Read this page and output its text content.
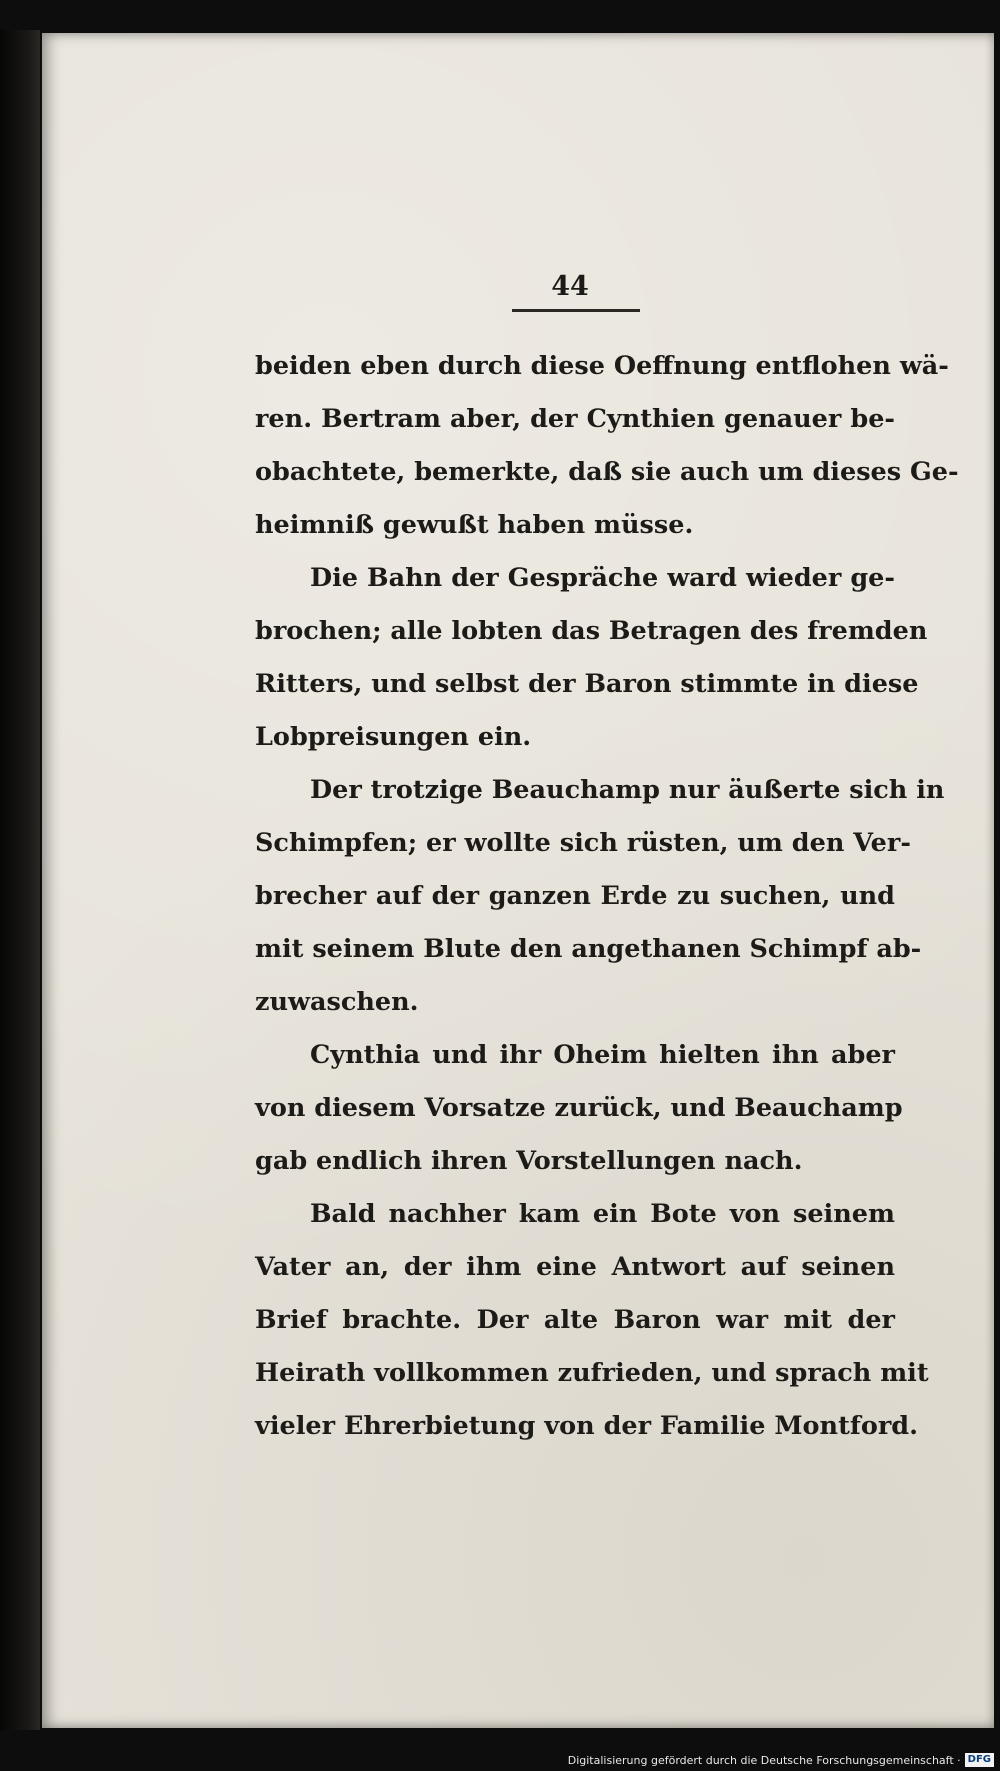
44
beiden eben durch diese Oeffnung entflohen wä-
ren. Bertram aber, der Cynthien genauer be-
obachtete, bemerkte, daß sie auch um dieses Ge-
heimniß gewußt haben müsse.
Die Bahn der Gespräche ward wieder ge-
brochen; alle lobten das Betragen des fremden
Ritters, und selbst der Baron stimmte in diese
Lobpreisungen ein.
Der trotzige Beauchamp nur äußerte sich in
Schimpfen; er wollte sich rüsten, um den Ver-
brecher auf der ganzen Erde zu suchen, und
mit seinem Blute den angethanen Schimpf ab-
zuwaschen.
Cynthia und ihr Oheim hielten ihn aber
von diesem Vorsatze zurück, und Beauchamp
gab endlich ihren Vorstellungen nach.
Bald nachher kam ein Bote von seinem
Vater an, der ihm eine Antwort auf seinen
Brief brachte. Der alte Baron war mit der
Heirath vollkommen zufrieden, und sprach mit
vieler Ehrerbietung von der Familie Montford.
Digitalisierung gefördert durch die Deutsche Forschungsgemeinschaft · DFG
